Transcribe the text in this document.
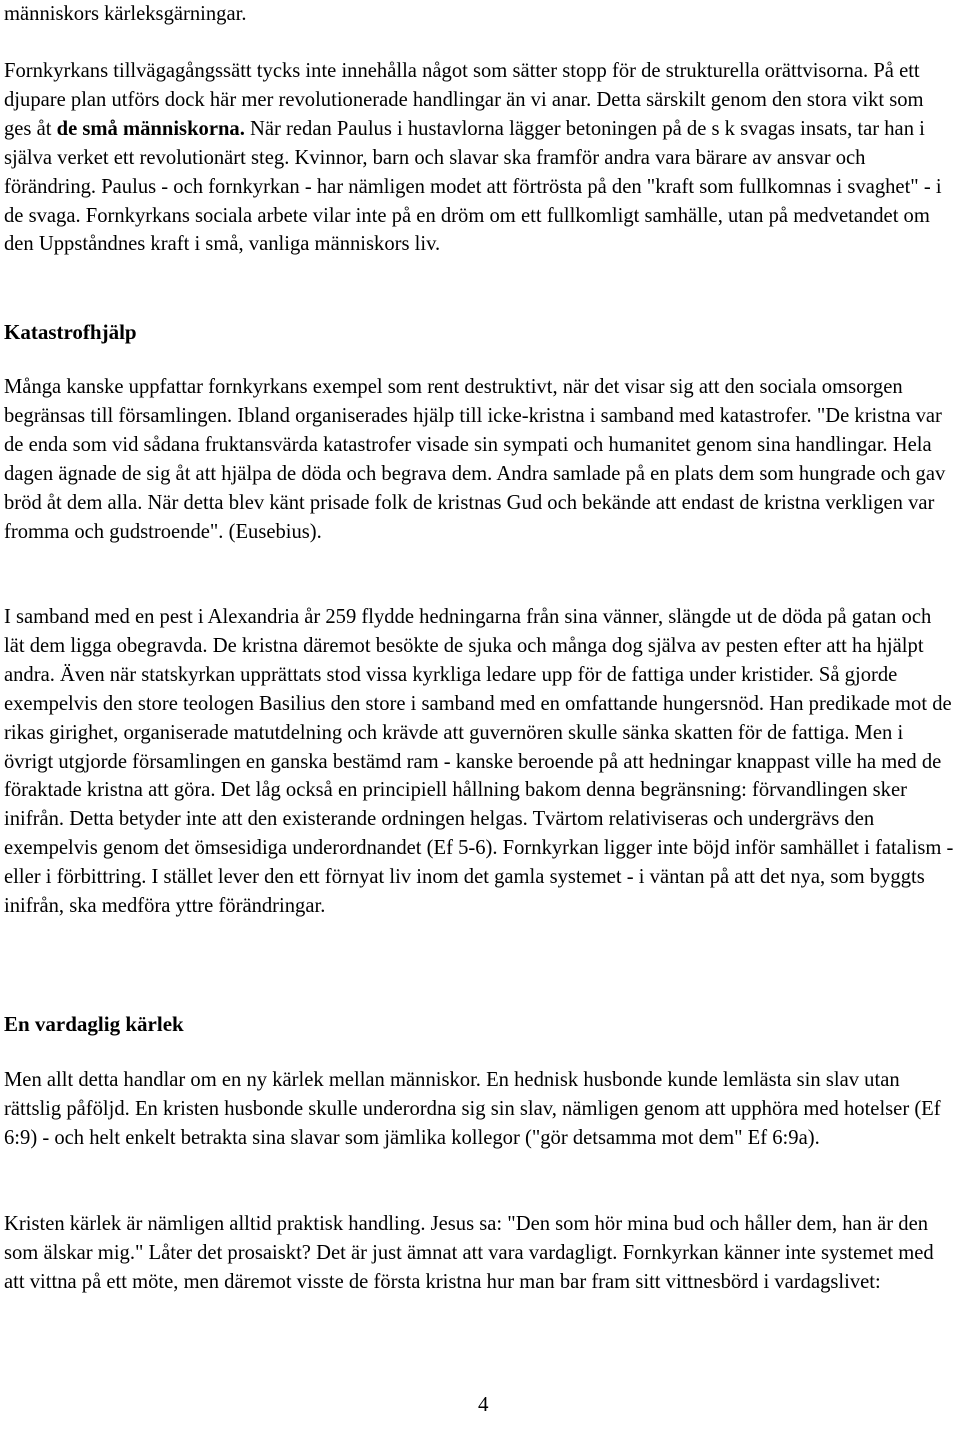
människors kärleksgärningar.

Fornkyrkans tillvägagångssätt tycks inte innehålla något som sätter stopp för de strukturella orättvisorna. På ett djupare plan utförs dock här mer revolutionerade handlingar än vi anar. Detta särskilt genom den stora vikt som ges åt de små människorna. När redan Paulus i hustavlorna lägger betoningen på de s k svagas insats, tar han i själva verket ett revolutionärt steg. Kvinnor, barn och slavar ska framför andra vara bärare av ansvar och förändring. Paulus - och fornkyrkan - har nämligen modet att förtrösta på den "kraft som fullkomnas i svaghet" - i de svaga. Fornkyrkans sociala arbete vilar inte på en dröm om ett fullkomligt samhälle, utan på medvetandet om den Uppståndnes kraft i små, vanliga människors liv.

Katastrofhjälp

Många kanske uppfattar fornkyrkans exempel som rent destruktivt, när det visar sig att den sociala omsorgen begränsas till församlingen. Ibland organiserades hjälp till icke-kristna i samband med katastrofer. "De kristna var de enda som vid sådana fruktansvärda katastrofer visade sin sympati och humanitet genom sina handlingar. Hela dagen ägnade de sig åt att hjälpa de döda och begrava dem. Andra samlade på en plats dem som hungrade och gav bröd åt dem alla. När detta blev känt prisade folk de kristnas Gud och bekände att endast de kristna verkligen var fromma och gudstroende". (Eusebius).

I samband med en pest i Alexandria år 259 flydde hedningarna från sina vänner, slängde ut de döda på gatan och lät dem ligga obegravda. De kristna däremot besökte de sjuka och många dog själva av pesten efter att ha hjälpt andra. Även när statskyrkan upprättats stod vissa kyrkliga ledare upp för de fattiga under kristider. Så gjorde exempelvis den store teologen Basilius den store i samband med en omfattande hungersnöd. Han predikade mot de rikas girighet, organiserade matutdelning och krävde att guvernören skulle sänka skatten för de fattiga. Men i övrigt utgjorde församlingen en ganska bestämd ram - kanske beroende på att hedningar knappast ville ha med de föraktade kristna att göra. Det låg också en principiell hållning bakom denna begränsning: förvandlingen sker inifrån. Detta betyder inte att den existerande ordningen helgas. Tvärtom relativiseras och undergrävs den exempelvis genom det ömsesidiga underordnandet (Ef 5-6). Fornkyrkan ligger inte böjd inför samhället i fatalism - eller i förbittring. I stället lever den ett förnyat liv inom det gamla systemet - i väntan på att det nya, som byggts inifrån, ska medföra yttre förändringar.

En vardaglig kärlek

Men allt detta handlar om en ny kärlek mellan människor. En hednisk husbonde kunde lemlästa sin slav utan rättslig påföljd. En kristen husbonde skulle underordna sig sin slav, nämligen genom att upphöra med hotelser (Ef 6:9) - och helt enkelt betrakta sina slavar som jämlika kollegor ("gör detsamma mot dem" Ef 6:9a).

Kristen kärlek är nämligen alltid praktisk handling. Jesus sa: "Den som hör mina bud och håller dem, han är den som älskar mig." Låter det prosaiskt? Det är just ämnat att vara vardagligt. Fornkyrkan känner inte systemet med att vittna på ett möte, men däremot visste de första kristna hur man bar fram sitt vittnesbörd i vardagslivet:

4
